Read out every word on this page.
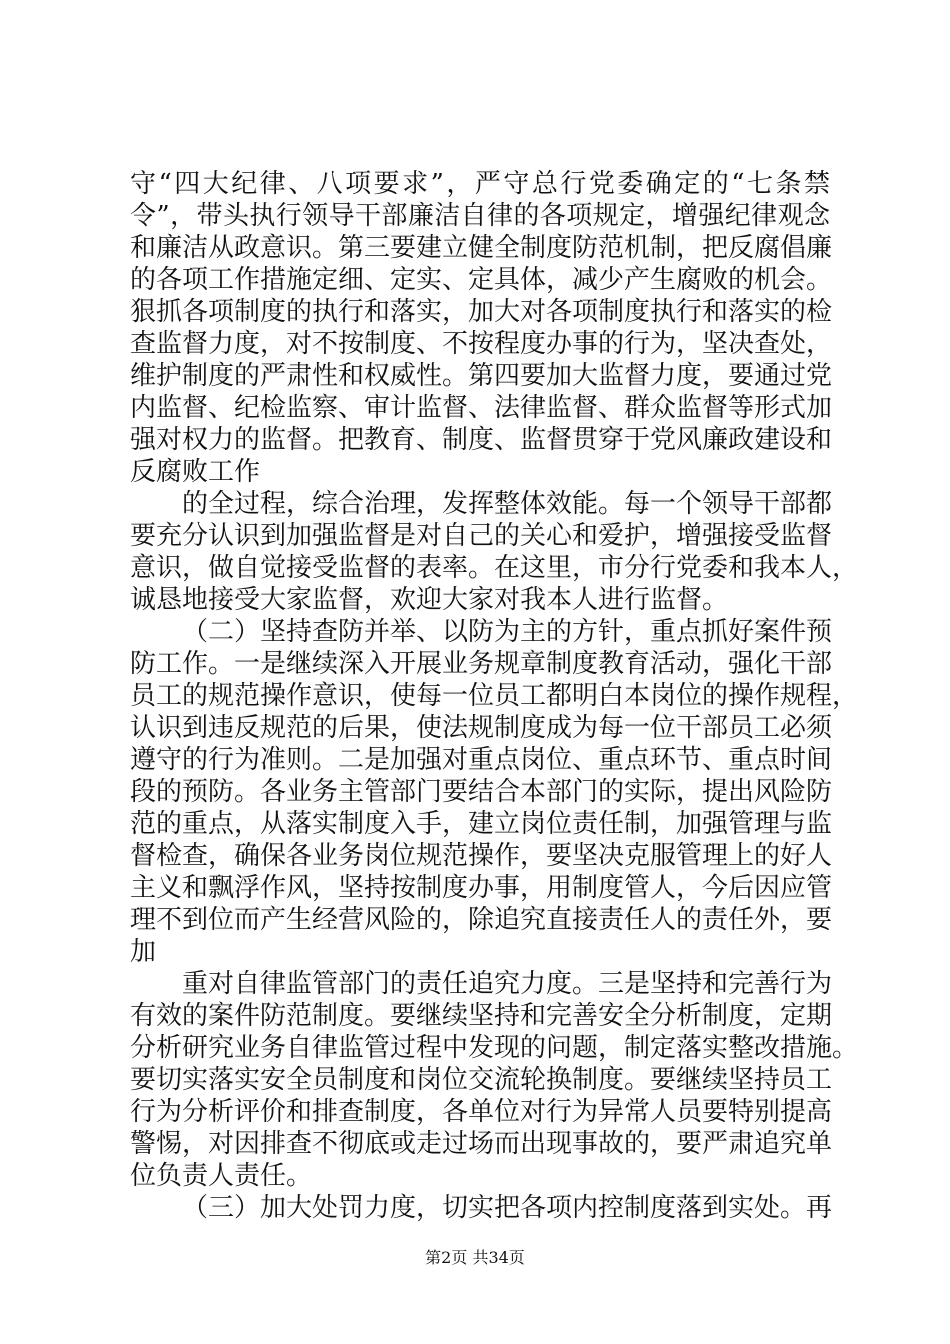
守“四大纪律、八项要求”，严守总行党委确定的“七条禁
令”，带头执行领导干部廉洁自律的各项规定，增强纪律观念
和廉洁从政意识。第三要建立健全制度防范机制，把反腐倡廉
的各项工作措施定细、定实、定具体，减少产生腐败的机会。
狠抓各项制度的执行和落实，加大对各项制度执行和落实的检
查监督力度，对不按制度、不按程度办事的行为，坚决查处，
维护制度的严肃性和权威性。第四要加大监督力度，要通过党
内监督、纪检监察、审计监督、法律监督、群众监督等形式加
强对权力的监督。把教育、制度、监督贯穿于党风廉政建设和
反腐败工作
的全过程，综合治理，发挥整体效能。每一个领导干部都
要充分认识到加强监督是对自己的关心和爱护，增强接受监督
意识，做自觉接受监督的表率。在这里，市分行党委和我本人，
诚恳地接受大家监督，欢迎大家对我本人进行监督。
（二）坚持查防并举、以防为主的方针，重点抓好案件预
防工作。一是继续深入开展业务规章制度教育活动，强化干部
员工的规范操作意识，使每一位员工都明白本岗位的操作规程，
认识到违反规范的后果，使法规制度成为每一位干部员工必须
遵守的行为准则。二是加强对重点岗位、重点环节、重点时间
段的预防。各业务主管部门要结合本部门的实际，提出风险防
范的重点，从落实制度入手，建立岗位责任制，加强管理与监
督检查，确保各业务岗位规范操作，要坚决克服管理上的好人
主义和飘浮作风，坚持按制度办事，用制度管人，今后因应管
理不到位而产生经营风险的，除追究直接责任人的责任外，要
加
重对自律监管部门的责任追究力度。三是坚持和完善行为
有效的案件防范制度。要继续坚持和完善安全分析制度，定期
分析研究业务自律监管过程中发现的问题，制定落实整改措施。
要切实落实安全员制度和岗位交流轮换制度。要继续坚持员工
行为分析评价和排查制度，各单位对行为异常人员要特别提高
警惕，对因排查不彻底或走过场而出现事故的，要严肃追究单
位负责人责任。
（三）加大处罚力度，切实把各项内控制度落到实处。再
第2页 共34页
